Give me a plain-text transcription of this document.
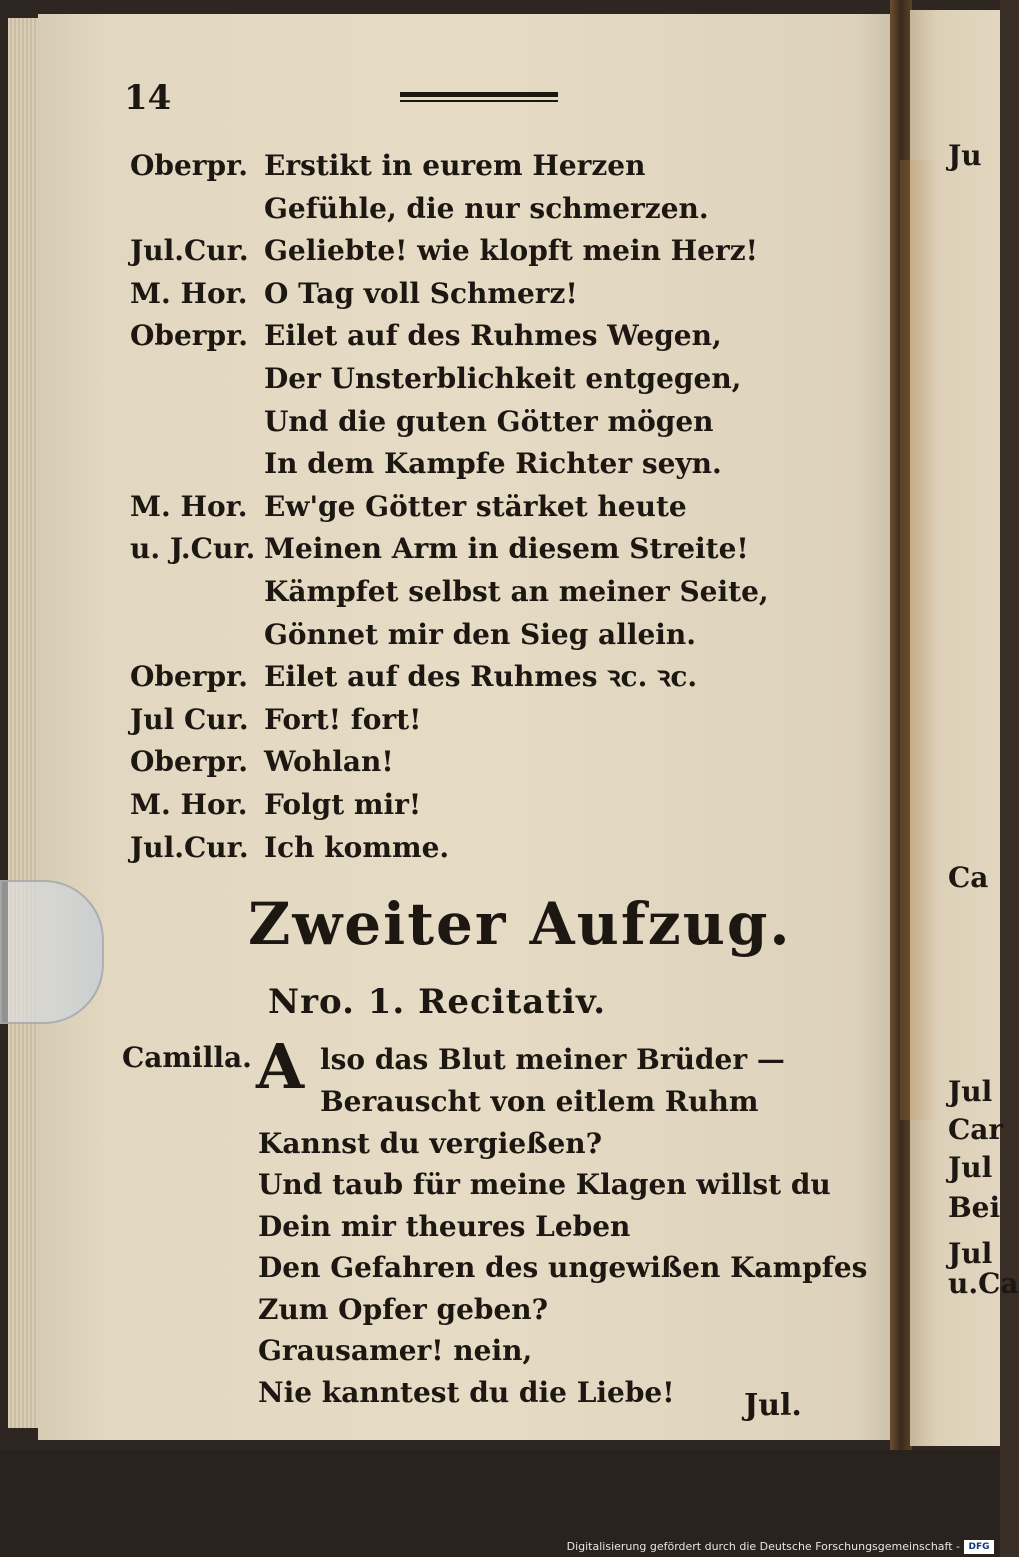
14
Oberpr. Erstikt in eurem Herzen
Gefühle, die nur schmerzen.
Jul.Cur. Geliebte! wie klopft mein Herz!
M. Hor. O Tag voll Schmerz!
Oberpr. Eilet auf des Ruhmes Wegen,
Der Unsterblichkeit entgegen,
Und die guten Götter mögen
In dem Kampfe Richter seyn.
M. Hor. Ew'ge Götter stärket heute
u. J.Cur. Meinen Arm in diesem Streite!
Kämpfet selbst an meiner Seite,
Gönnet mir den Sieg allein.
Oberpr. Eilet auf des Ruhmes ꝛc. ꝛc.
Jul Cur. Fort! fort!
Oberpr. Wohlan!
M. Hor. Folgt mir!
Jul.Cur. Ich komme.
Zweiter Aufzug.
Nro. 1. Recitativ.
Camilla. A lso das Blut meiner Brüder —
Berauscht von eitlem Ruhm
Kannst du vergießen?
Und taub für meine Klagen willst du
Dein mir theures Leben
Den Gefahren des ungewißen Kampfes
Zum Opfer geben?
Grausamer! nein,
Nie kanntest du die Liebe! Jul.
Ju
Ca
Jul
Car
Jul
Bei
Jul
u.Ca
Digitalisierung gefördert durch die Deutsche Forschungsgemeinschaft - DFG
